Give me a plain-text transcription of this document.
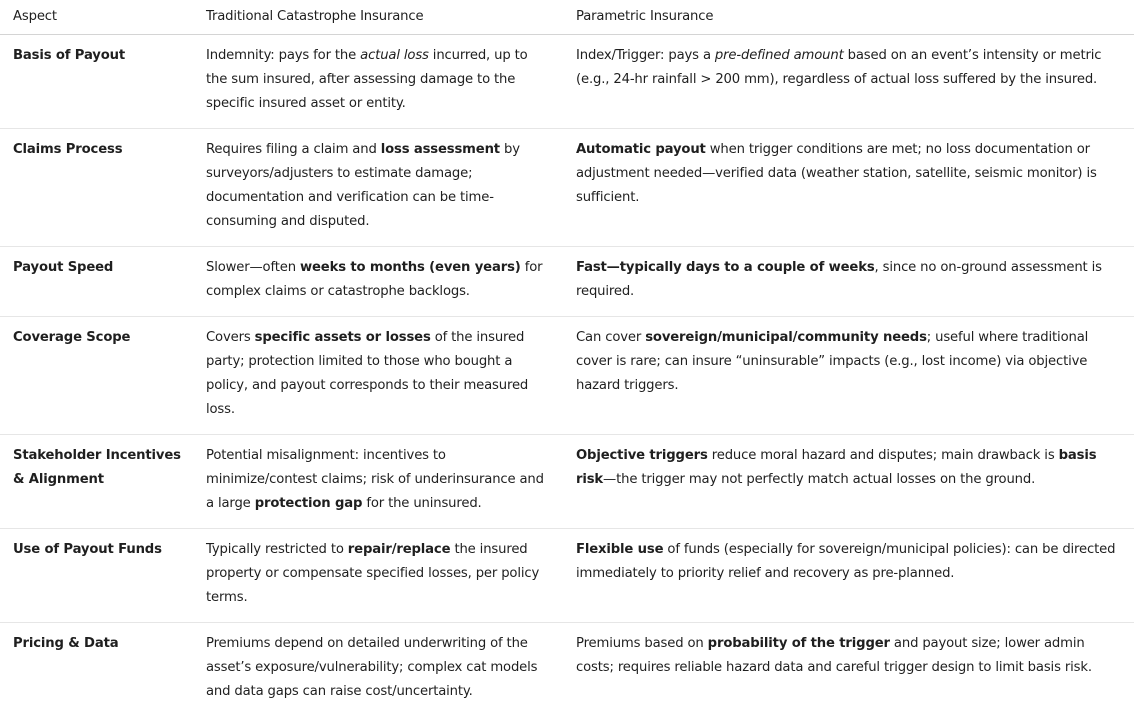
Aspect	Traditional Catastrophe Insurance	Parametric Insurance
Basis of Payout	Indemnity: pays for the actual loss incurred, up to the sum insured, after assessing damage to the specific insured asset or entity.	Index/Trigger: pays a pre-defined amount based on an event’s intensity or metric (e.g., 24-hr rainfall > 200 mm), regardless of actual loss suffered by the insured.
Claims Process	Requires filing a claim and loss assessment by surveyors/adjusters to estimate damage; documentation and verification can be time-consuming and disputed.	Automatic payout when trigger conditions are met; no loss documentation or adjustment needed—verified data (weather station, satellite, seismic monitor) is sufficient.
Payout Speed	Slower—often weeks to months (even years) for complex claims or catastrophe backlogs.	Fast—typically days to a couple of weeks, since no on-ground assessment is required.
Coverage Scope	Covers specific assets or losses of the insured party; protection limited to those who bought a policy, and payout corresponds to their measured loss.	Can cover sovereign/municipal/community needs; useful where traditional cover is rare; can insure “uninsurable” impacts (e.g., lost income) via objective hazard triggers.
Stakeholder Incentives & Alignment	Potential misalignment: incentives to minimize/contest claims; risk of underinsurance and a large protection gap for the uninsured.	Objective triggers reduce moral hazard and disputes; main drawback is basis risk—the trigger may not perfectly match actual losses on the ground.
Use of Payout Funds	Typically restricted to repair/replace the insured property or compensate specified losses, per policy terms.	Flexible use of funds (especially for sovereign/municipal policies): can be directed immediately to priority relief and recovery as pre-planned.
Pricing & Data	Premiums depend on detailed underwriting of the asset’s exposure/vulnerability; complex cat models and data gaps can raise cost/uncertainty.	Premiums based on probability of the trigger and payout size; lower admin costs; requires reliable hazard data and careful trigger design to limit basis risk.
